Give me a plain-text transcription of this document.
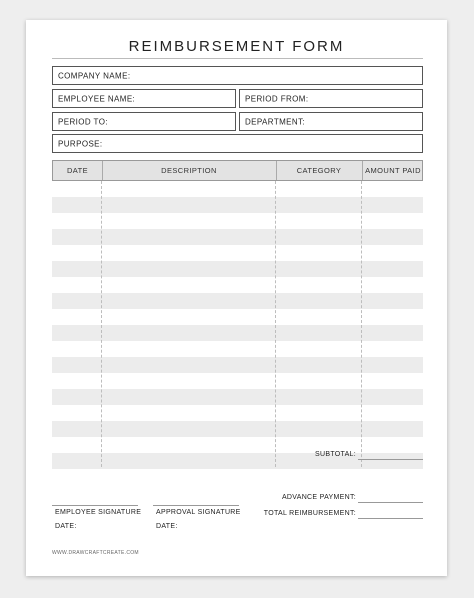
REIMBURSEMENT FORM
COMPANY NAME:
EMPLOYEE NAME:	PERIOD FROM:
PERIOD TO:	DEPARTMENT:
PURPOSE:
DATE	DESCRIPTION	CATEGORY	AMOUNT PAID
SUBTOTAL:
ADVANCE PAYMENT:
TOTAL REIMBURSEMENT:
EMPLOYEE SIGNATURE
DATE:
APPROVAL SIGNATURE
DATE:
WWW.DRAWCRAFTCREATE.COM
